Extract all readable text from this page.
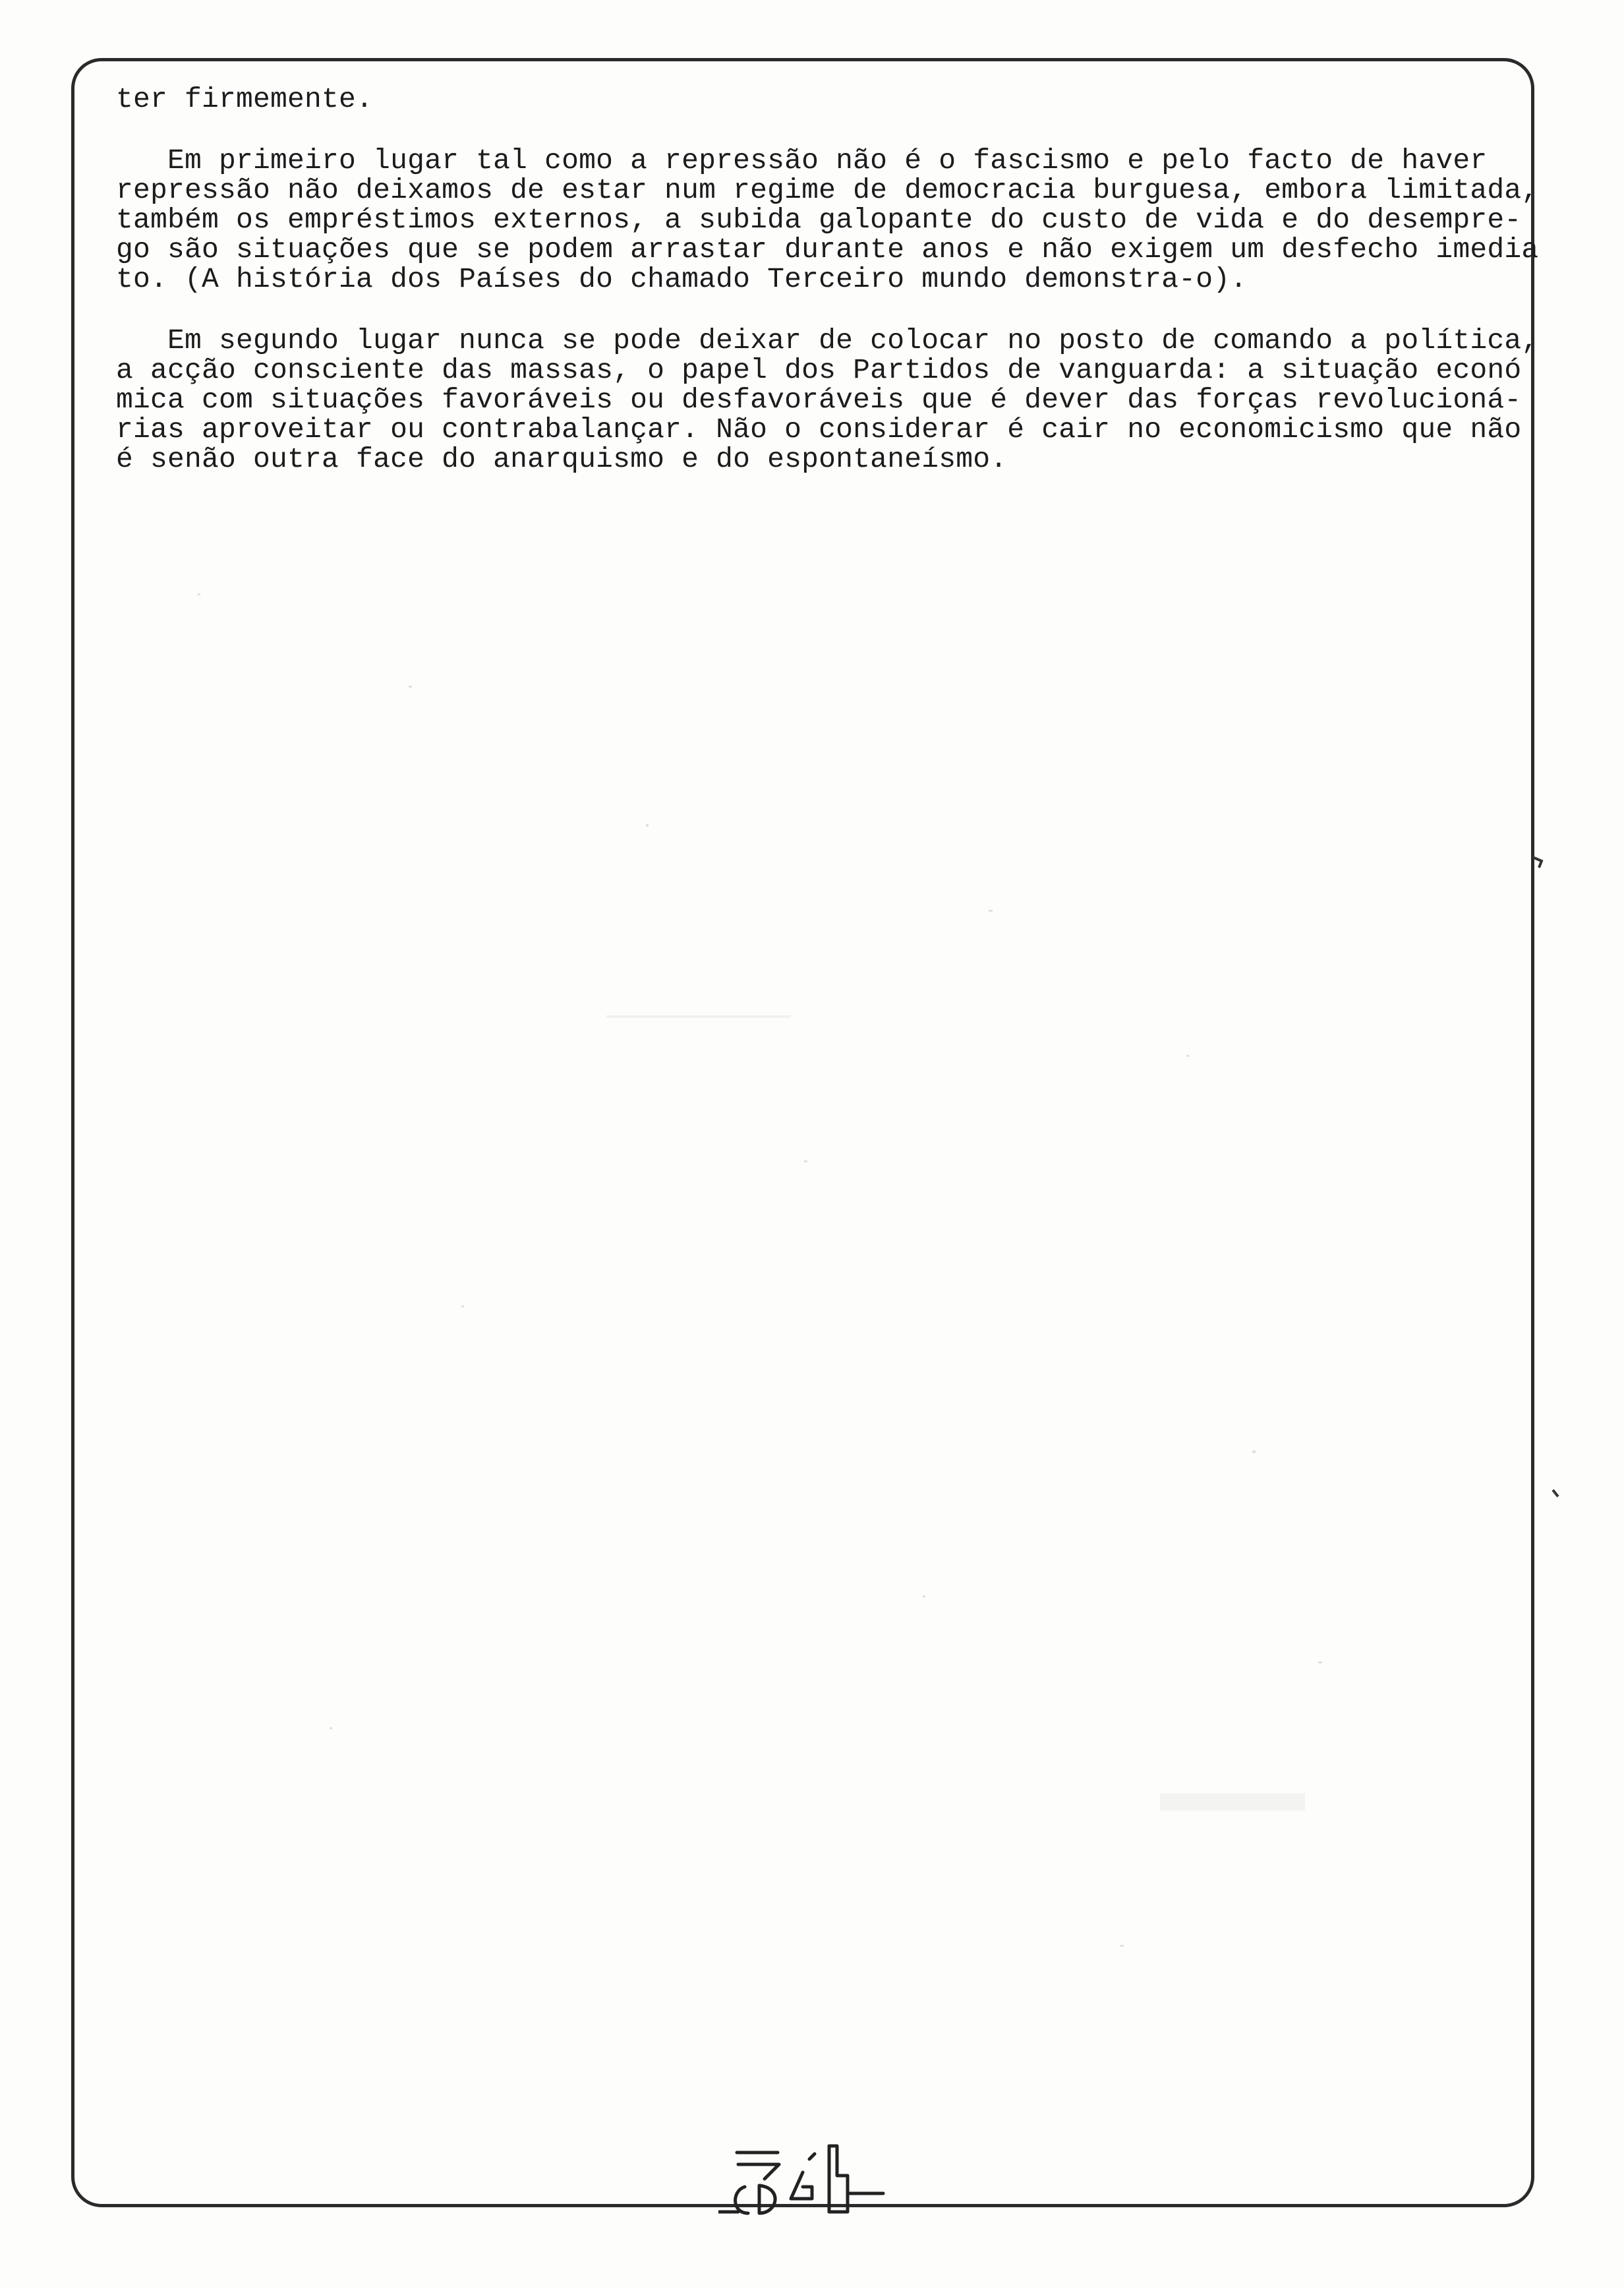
ter firmemente.
Em primeiro lugar tal como a repressão não é o fascismo e pelo facto de haver
repressão não deixamos de estar num regime de democracia burguesa, embora limitada,
também os empréstimos externos, a subida galopante do custo de vida e do desempre-
go são situações que se podem arrastar durante anos e não exigem um desfecho imedia
to. (A história dos Países do chamado Terceiro mundo demonstra-o).
Em segundo lugar nunca se pode deixar de colocar no posto de comando a política,
a acção consciente das massas, o papel dos Partidos de vanguarda: a situação econó
mica com situações favoráveis ou desfavoráveis que é dever das forças revolucioná-
rias aproveitar ou contrabalançar. Não o considerar é cair no economicismo que não
é senão outra face do anarquismo e do espontaneísmo.
